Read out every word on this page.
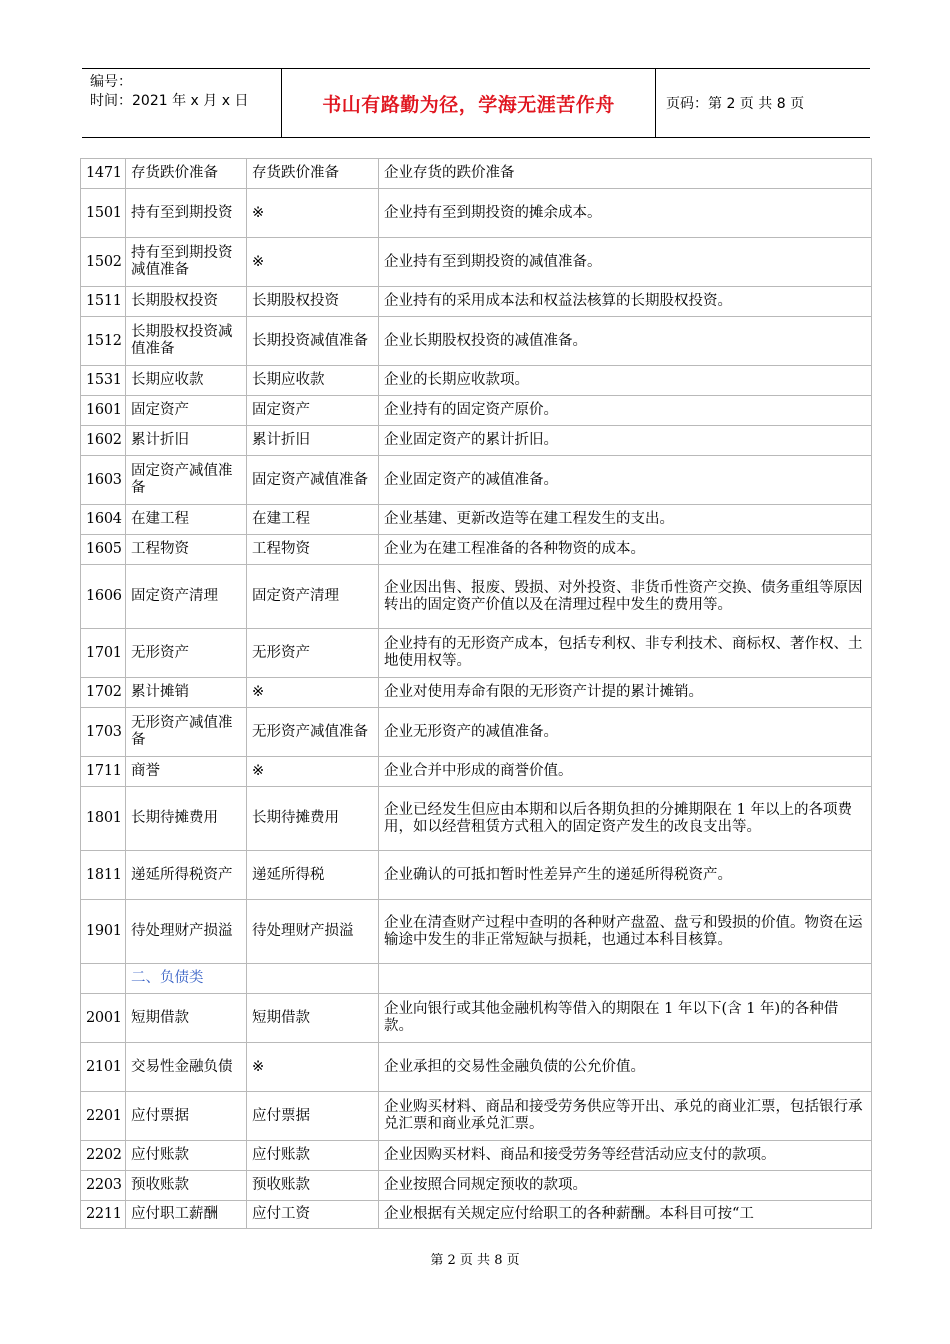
编号：
时间：2021 年 x 月 x 日	书山有路勤为径，学海无涯苦作舟	页码：第 2 页 共 8 页
1471	存货跌价准备	存货跌价准备	企业存货的跌价准备
1501	持有至到期投资	※	企业持有至到期投资的摊余成本。
1502	持有至到期投资减值准备	※	企业持有至到期投资的减值准备。
1511	长期股权投资	长期股权投资	企业持有的采用成本法和权益法核算的长期股权投资。
1512	长期股权投资减值准备	长期投资减值准备	企业长期股权投资的减值准备。
1531	长期应收款	长期应收款	企业的长期应收款项。
1601	固定资产	固定资产	企业持有的固定资产原价。
1602	累计折旧	累计折旧	企业固定资产的累计折旧。
1603	固定资产减值准备	固定资产减值准备	企业固定资产的减值准备。
1604	在建工程	在建工程	企业基建、更新改造等在建工程发生的支出。
1605	工程物资	工程物资	企业为在建工程准备的各种物资的成本。
1606	固定资产清理	固定资产清理	企业因出售、报废、毁损、对外投资、非货币性资产交换、债务重组等原因转出的固定资产价值以及在清理过程中发生的费用等。
1701	无形资产	无形资产	企业持有的无形资产成本，包括专利权、非专利技术、商标权、著作权、土地使用权等。
1702	累计摊销	※	企业对使用寿命有限的无形资产计提的累计摊销。
1703	无形资产减值准备	无形资产减值准备	企业无形资产的减值准备。
1711	商誉	※	企业合并中形成的商誉价值。
1801	长期待摊费用	长期待摊费用	企业已经发生但应由本期和以后各期负担的分摊期限在 1 年以上的各项费用，如以经营租赁方式租入的固定资产发生的改良支出等。
1811	递延所得税资产	递延所得税	企业确认的可抵扣暂时性差异产生的递延所得税资产。
1901	待处理财产损溢	待处理财产损溢	企业在清查财产过程中查明的各种财产盘盈、盘亏和毁损的价值。物资在运输途中发生的非正常短缺与损耗，也通过本科目核算。
	二、负债类		
2001	短期借款	短期借款	企业向银行或其他金融机构等借入的期限在 1 年以下(含 1 年)的各种借款。
2101	交易性金融负债	※	企业承担的交易性金融负债的公允价值。
2201	应付票据	应付票据	企业购买材料、商品和接受劳务供应等开出、承兑的商业汇票，包括银行承兑汇票和商业承兑汇票。
2202	应付账款	应付账款	企业因购买材料、商品和接受劳务等经营活动应支付的款项。
2203	预收账款	预收账款	企业按照合同规定预收的款项。
2211	应付职工薪酬	应付工资	企业根据有关规定应付给职工的各种薪酬。本科目可按“工
第 2 页 共 8 页
